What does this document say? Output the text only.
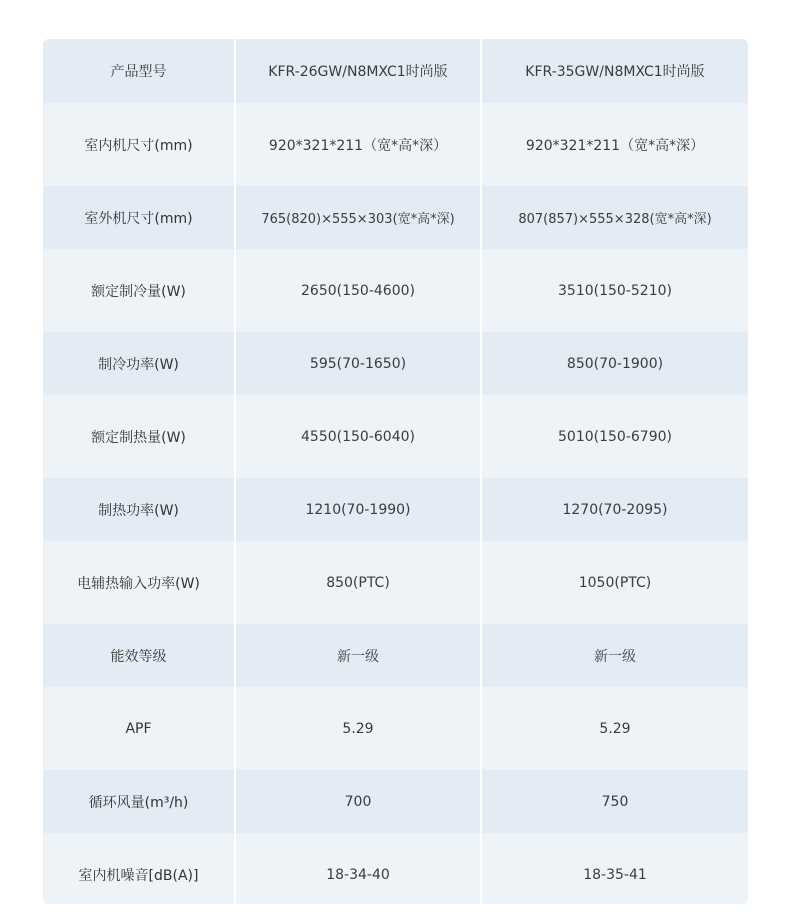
产品型号	KFR-26GW/N8MXC1时尚版	KFR-35GW/N8MXC1时尚版
室内机尺寸(mm)	920*321*211（宽*高*深）	920*321*211（宽*高*深）
室外机尺寸(mm)	765(820)×555×303(宽*高*深)	807(857)×555×328(宽*高*深)
额定制冷量(W)	2650(150-4600)	3510(150-5210)
制冷功率(W)	595(70-1650)	850(70-1900)
额定制热量(W)	4550(150-6040)	5010(150-6790)
制热功率(W)	1210(70-1990)	1270(70-2095)
电辅热输入功率(W)	850(PTC)	1050(PTC)
能效等级	新一级	新一级
APF	5.29	5.29
循环风量(m³/h)	700	750
室内机噪音[dB(A)]	18-34-40	18-35-41
